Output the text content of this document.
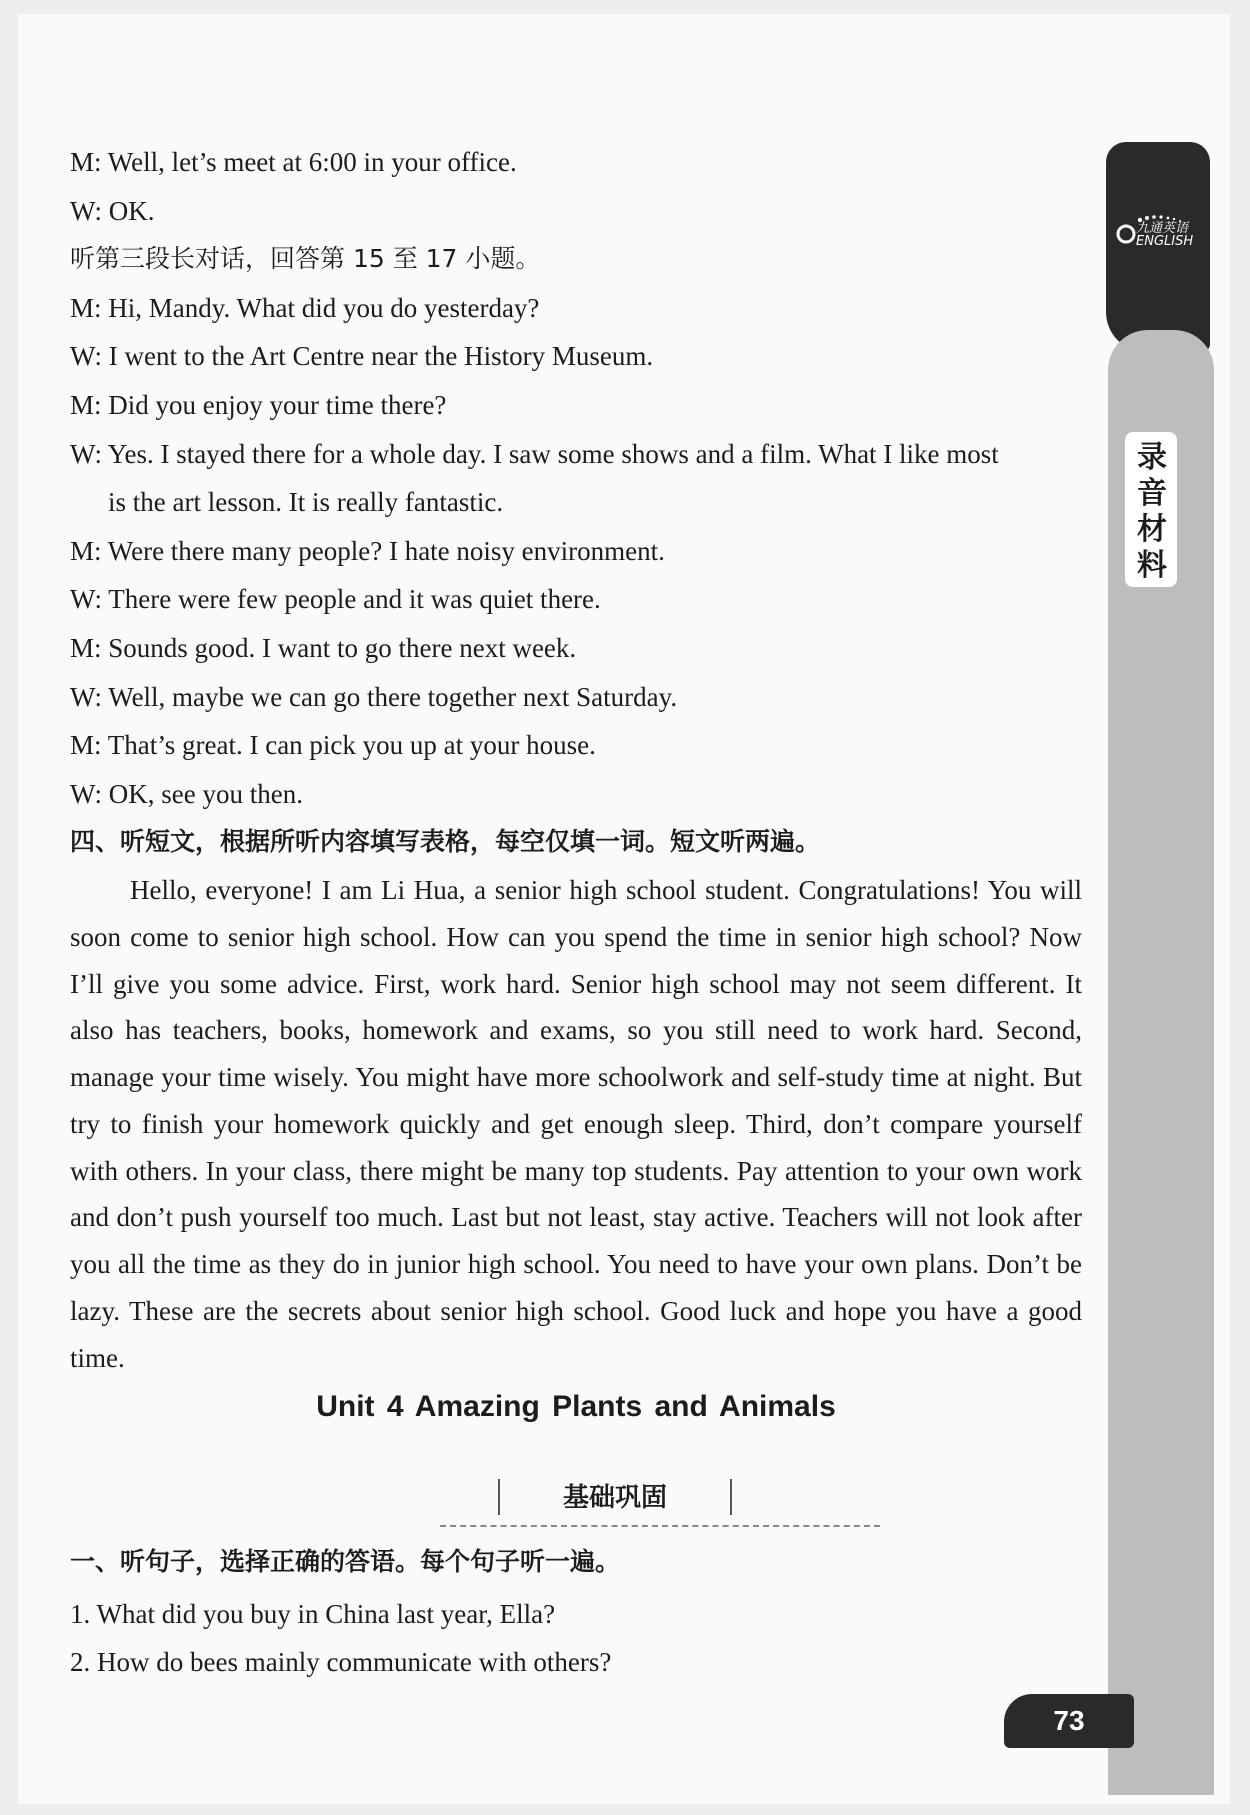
九通英语 ENGLISH
录音材料
M: Well, let’s meet at 6:00 in your office.
W: OK.
听第三段长对话，回答第 15 至 17 小题。
M: Hi, Mandy. What did you do yesterday?
W: I went to the Art Centre near the History Museum.
M: Did you enjoy your time there?
W: Yes. I stayed there for a whole day. I saw some shows and a film. What I like most
is the art lesson. It is really fantastic.
M: Were there many people? I hate noisy environment.
W: There were few people and it was quiet there.
M: Sounds good. I want to go there next week.
W: Well, maybe we can go there together next Saturday.
M: That’s great. I can pick you up at your house.
W: OK, see you then.
四、听短文，根据所听内容填写表格，每空仅填一词。短文听两遍。

Hello, everyone! I am Li Hua, a senior high school student. Congratulations! You will soon come to senior high school. How can you spend the time in senior high school? Now I’ll give you some advice. First, work hard. Senior high school may not seem different. It also has teachers, books, homework and exams, so you still need to work hard. Second, manage your time wisely. You might have more schoolwork and self-study time at night. But try to finish your homework quickly and get enough sleep. Third, don’t compare yourself with others. In your class, there might be many top students. Pay attention to your own work and don’t push yourself too much. Last but not least, stay active. Teachers will not look after you all the time as they do in junior high school. You need to have your own plans. Don’t be lazy. These are the secrets about senior high school. Good luck and hope you have a good time.

Unit 4 Amazing Plants and Animals
基础巩固
一、听句子，选择正确的答语。每个句子听一遍。
1. What did you buy in China last year, Ella?
2. How do bees mainly communicate with others?
73
